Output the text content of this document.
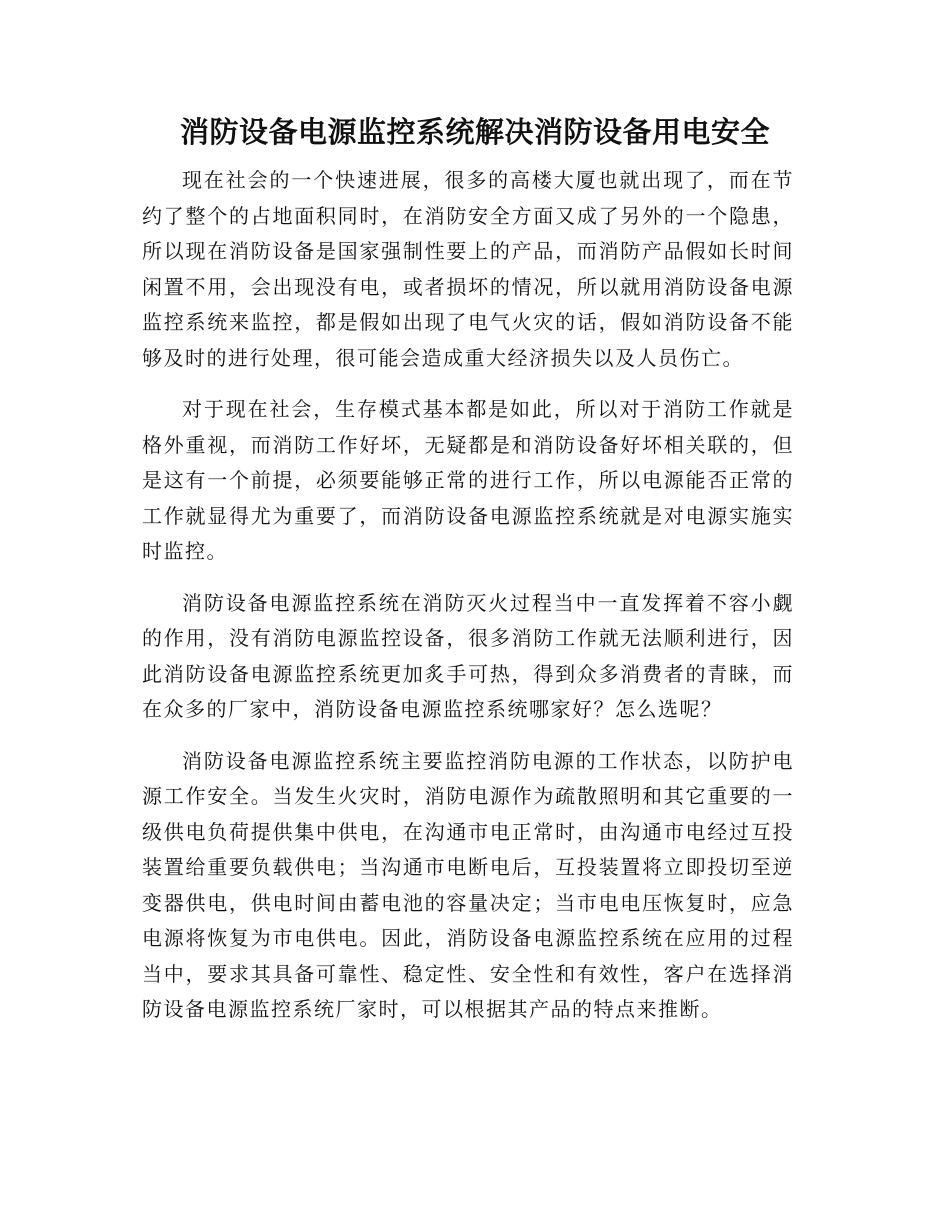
消防设备电源监控系统解决消防设备用电安全

现在社会的一个快速进展，很多的高楼大厦也就出现了，而在节约了整个的占地面积同时，在消防安全方面又成了另外的一个隐患，所以现在消防设备是国家强制性要上的产品，而消防产品假如长时间闲置不用，会出现没有电，或者损坏的情况，所以就用消防设备电源监控系统来监控，都是假如出现了电气火灾的话，假如消防设备不能够及时的进行处理，很可能会造成重大经济损失以及人员伤亡。

对于现在社会，生存模式基本都是如此，所以对于消防工作就是格外重视，而消防工作好坏，无疑都是和消防设备好坏相关联的，但是这有一个前提，必须要能够正常的进行工作，所以电源能否正常的工作就显得尤为重要了，而消防设备电源监控系统就是对电源实施实时监控。

消防设备电源监控系统在消防灭火过程当中一直发挥着不容小觑的作用，没有消防电源监控设备，很多消防工作就无法顺利进行，因此消防设备电源监控系统更加炙手可热，得到众多消费者的青睐，而在众多的厂家中，消防设备电源监控系统哪家好？怎么选呢？

消防设备电源监控系统主要监控消防电源的工作状态，以防护电源工作安全。当发生火灾时，消防电源作为疏散照明和其它重要的一级供电负荷提供集中供电，在沟通市电正常时，由沟通市电经过互投装置给重要负载供电；当沟通市电断电后，互投装置将立即投切至逆变器供电，供电时间由蓄电池的容量决定；当市电电压恢复时，应急电源将恢复为市电供电。因此，消防设备电源监控系统在应用的过程当中，要求其具备可靠性、稳定性、安全性和有效性，客户在选择消防设备电源监控系统厂家时，可以根据其产品的特点来推断。
